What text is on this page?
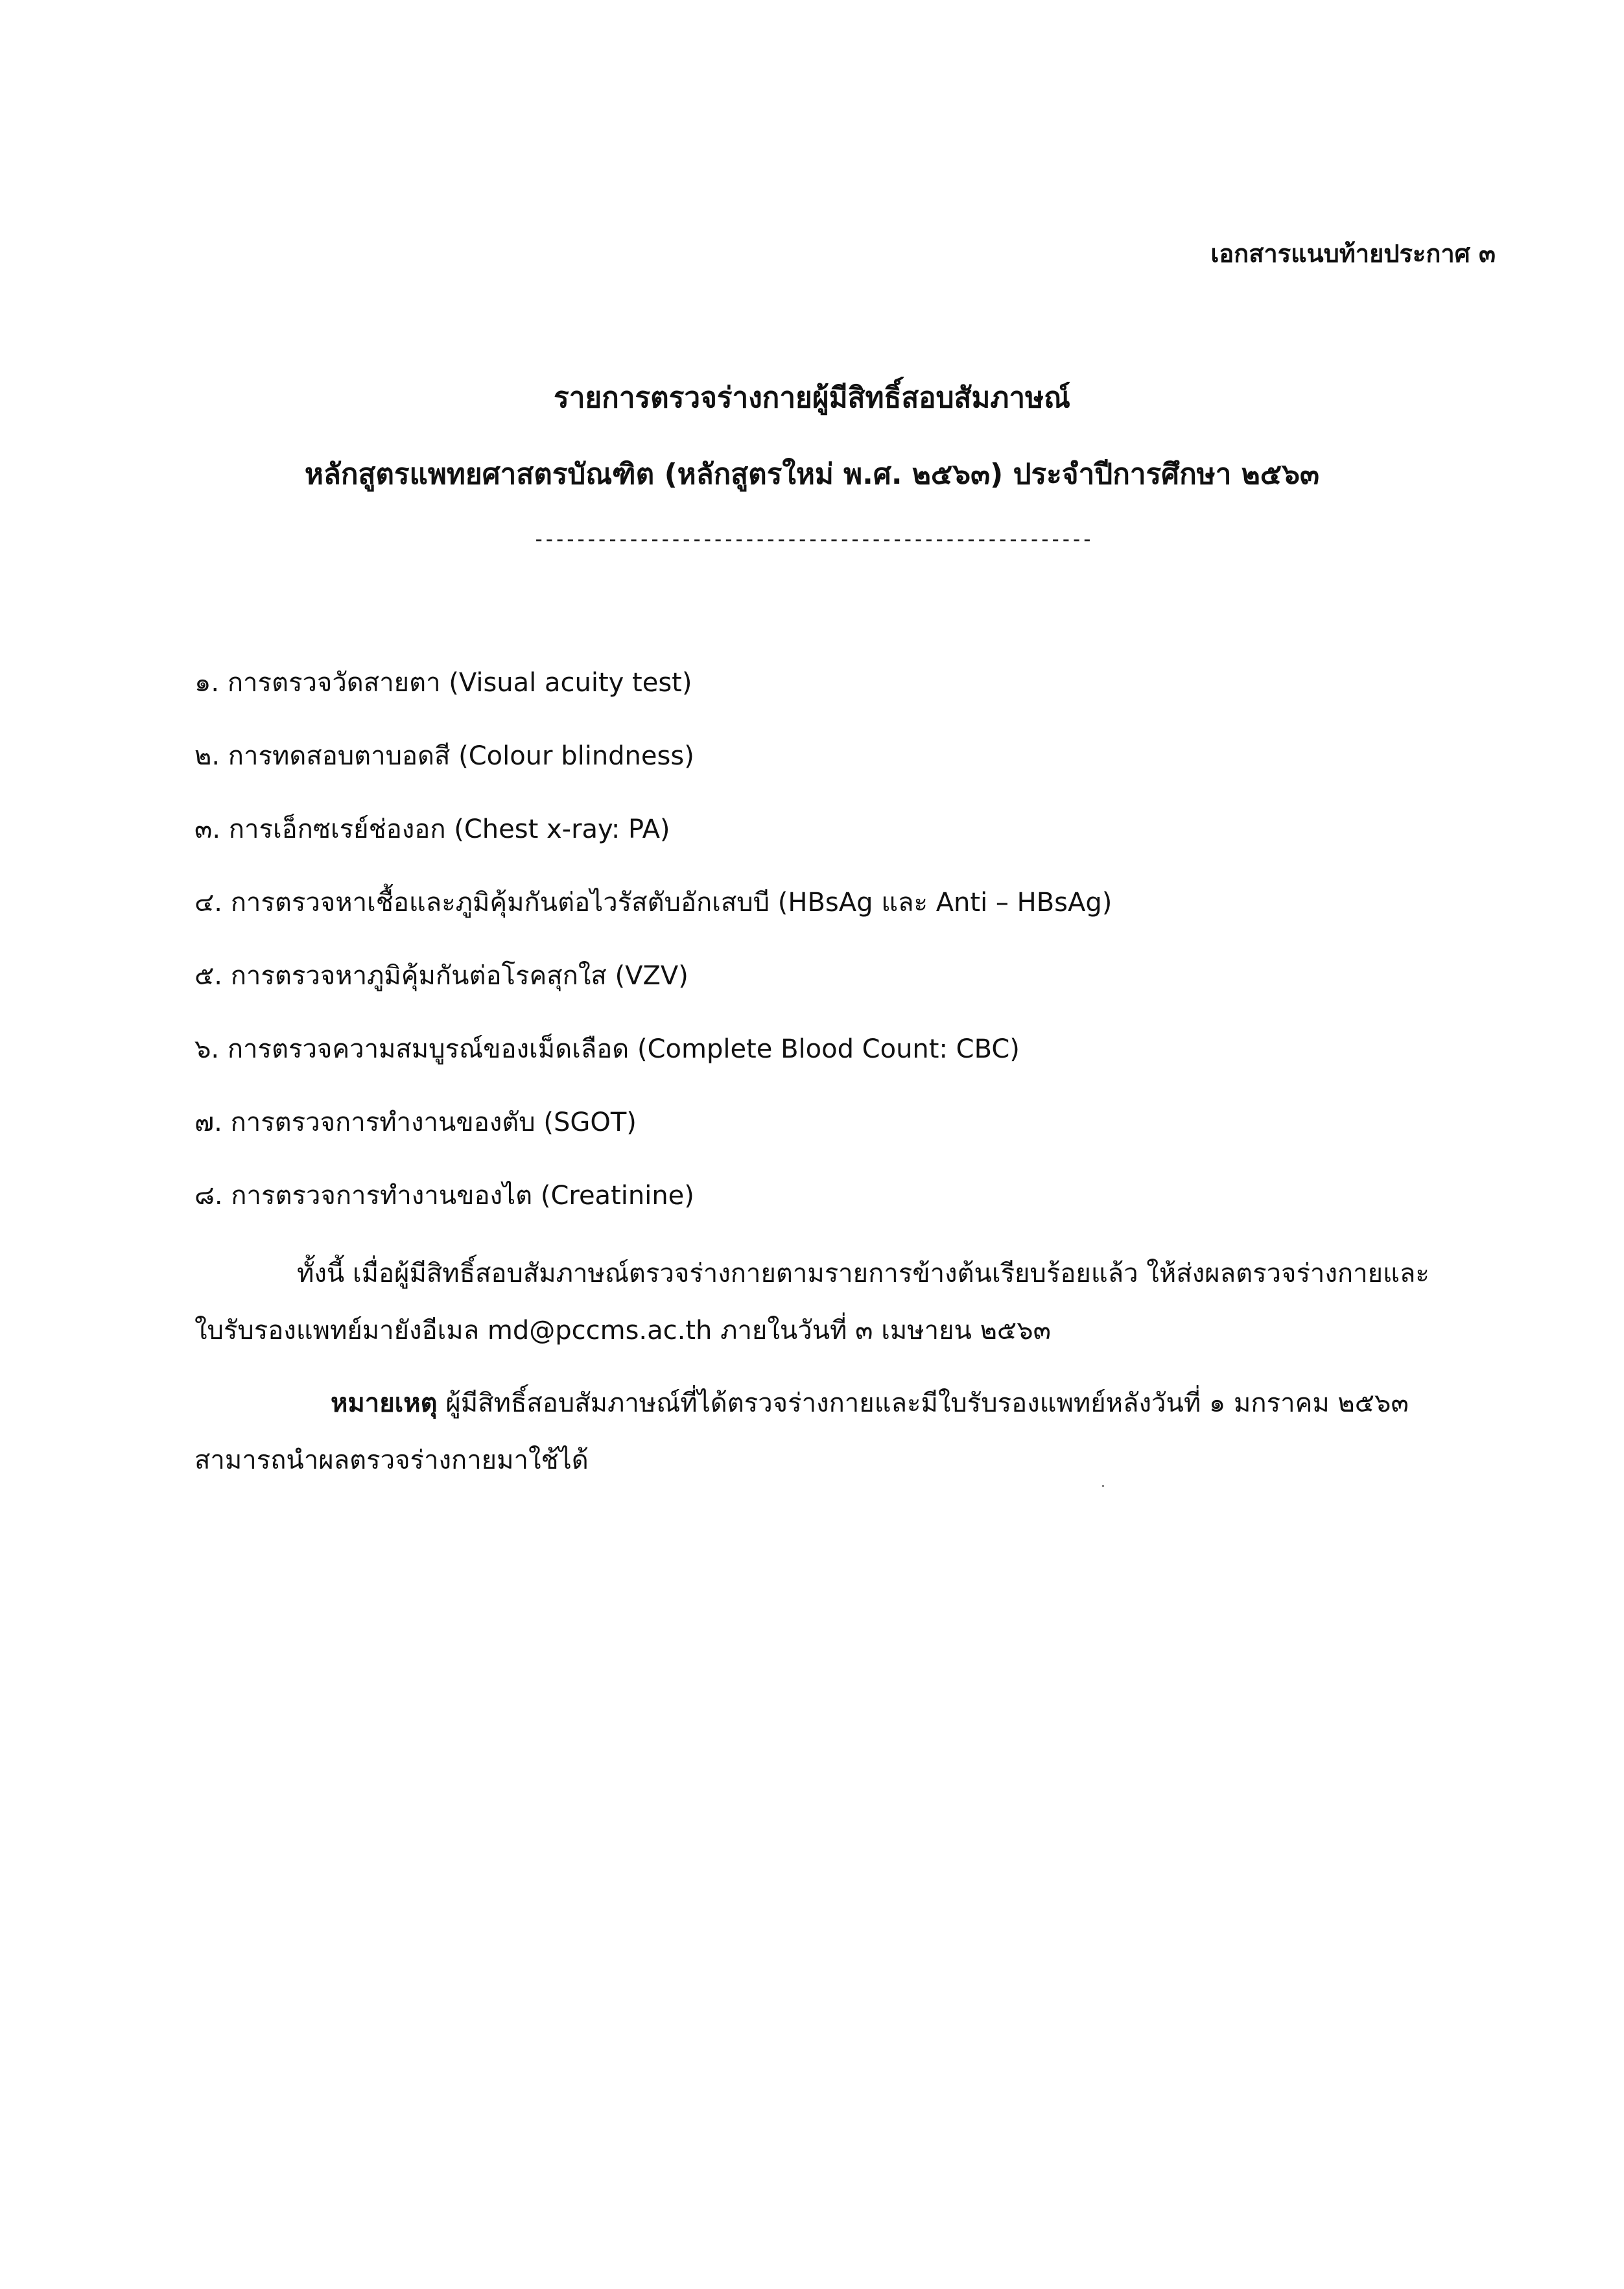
เอกสารแนบท้ายประกาศ ๓
รายการตรวจร่างกายผู้มีสิทธิ์สอบสัมภาษณ์
หลักสูตรแพทยศาสตรบัณฑิต (หลักสูตรใหม่ พ.ศ. ๒๕๖๓) ประจำปีการศึกษา ๒๕๖๓
-----------------------------------------------------
๑. การตรวจวัดสายตา (Visual acuity test)
๒. การทดสอบตาบอดสี (Colour blindness)
๓. การเอ็กซเรย์ช่องอก (Chest x-ray: PA)
๔. การตรวจหาเชื้อและภูมิคุ้มกันต่อไวรัสตับอักเสบบี (HBsAg และ Anti – HBsAg)
๕. การตรวจหาภูมิคุ้มกันต่อโรคสุกใส (VZV)
๖. การตรวจความสมบูรณ์ของเม็ดเลือด (Complete Blood Count: CBC)
๗. การตรวจการทำงานของตับ (SGOT)
๘. การตรวจการทำงานของไต (Creatinine)
ทั้งนี้ เมื่อผู้มีสิทธิ์สอบสัมภาษณ์ตรวจร่างกายตามรายการข้างต้นเรียบร้อยแล้ว ให้ส่งผลตรวจร่างกายและ
ใบรับรองแพทย์มายังอีเมล md@pccms.ac.th ภายในวันที่ ๓ เมษายน ๒๕๖๓
หมายเหตุ ผู้มีสิทธิ์สอบสัมภาษณ์ที่ได้ตรวจร่างกายและมีใบรับรองแพทย์หลังวันที่ ๑ มกราคม ๒๕๖๓
สามารถนำผลตรวจร่างกายมาใช้ได้
